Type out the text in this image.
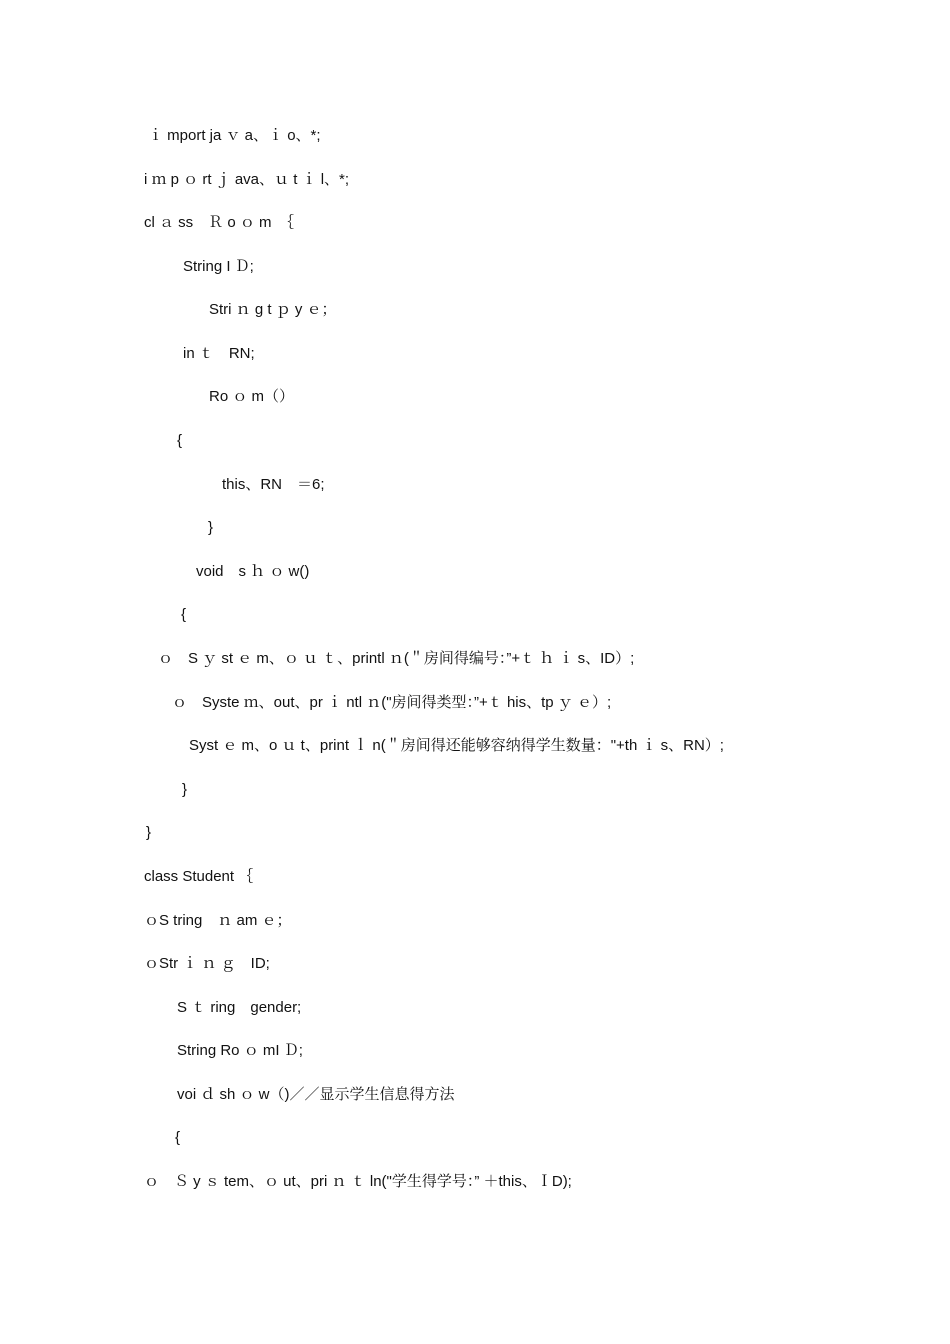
ｉ mport ja ｖ a、ｉ o、*;
i ｍ p ｏ rt ｊ ava、ｕ t ｉ l、*;
cl ａ ss　Ｒ o ｏ m　｛
String I Ｄ;
Stri ｎ g t ｐ y ｅ；
in ｔ　RN;
Ro ｏ m（）
{
this、RN　＝6;
}
void　s ｈ ｏ w()
{
ｏ　S ｙ st ｅ m、ｏ ｕ ｔ、printl ｎ(＂房间得编号：”+ｔ ｈ ｉ s、ID）;
ｏ　Syste ｍ、out、pr ｉ ntl ｎ("房间得类型：”+ｔ his、tp ｙ ｅ）;
Syst ｅ m、o ｕ t、print ｌ n(＂房间得还能够容纳得学生数量："+th ｉ s、RN）;
}
}
class Student ｛
ｏS tring　ｎ am ｅ；
ｏStr ｉ ｎ ｇ　ID;
S ｔ ring　gender;
String Ro ｏ mI Ｄ;
voi ｄ sh ｏ w（)／／显示学生信息得方法
{
ｏ　Ｓ y ｓ tem、ｏ ut、pri ｎ ｔ ln("学生得学号：” ＋this、ＩD);
